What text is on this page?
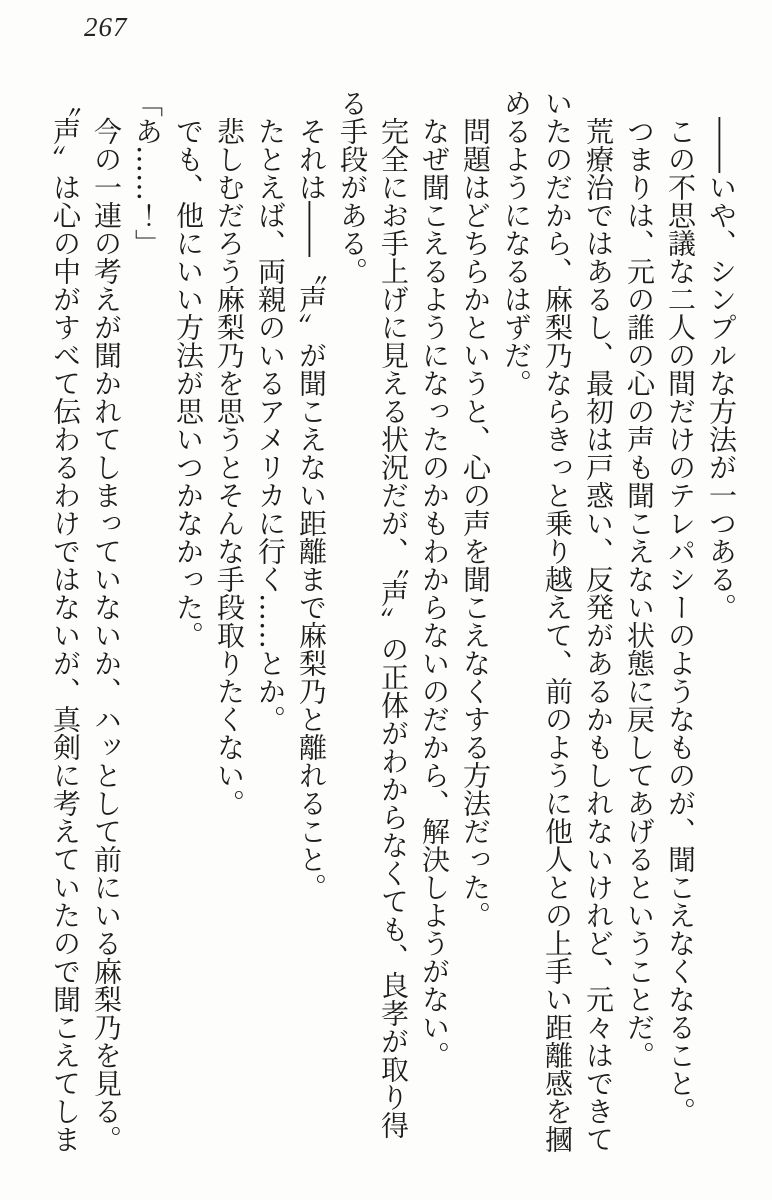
267

――いや、シンプルな方法が一つある。

この不思議な二人の間だけのテレパシーのようなものが、聞こえなくなること。

つまりは、元の誰の心の声も聞こえない状態に戻してあげるということだ。

荒療治ではあるし、最初は戸惑い、反発があるかもしれないけれど、元々はできていたのだから、麻梨乃ならきっと乗り越えて、前のように他人との上手い距離感を摑めるようになるはずだ。

問題はどちらかというと、心の声を聞こえなくする方法だった。

なぜ聞こえるようになったのかもわからないのだから、解決しようがない。

完全にお手上げに見える状況だが、〝声〟の正体がわからなくても、良孝が取り得る手段がある。

それは――〝声〟が聞こえない距離まで麻梨乃と離れること。

たとえば、両親のいるアメリカに行く……とか。

悲しむだろう麻梨乃を思うとそんな手段取りたくない。

でも、他にいい方法が思いつかなかった。

「あ……！」

今の一連の考えが聞かれてしまっていないか、ハッとして前にいる麻梨乃を見る。

〝声〟は心の中がすべて伝わるわけではないが、真剣に考えていたので聞こえてしま
